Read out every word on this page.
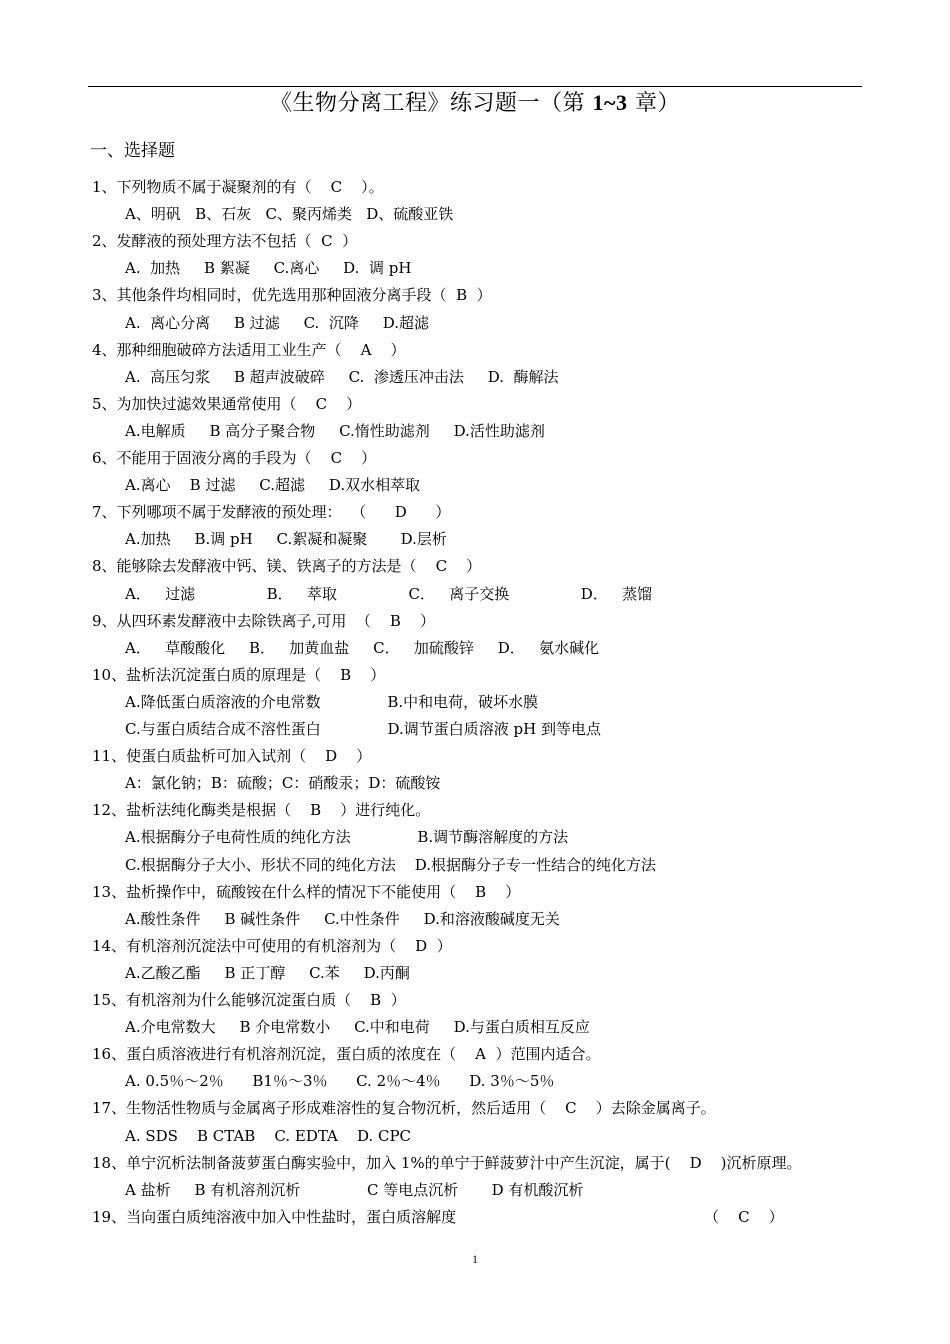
《生物分离工程》练习题一（第 1~3 章）
一、选择题
1、下列物质不属于凝聚剂的有（    C    ）。
A、明矾   B、石灰   C、聚丙烯类   D、硫酸亚铁
2、发酵液的预处理方法不包括（  C  ）
A.  加热     B 絮凝     C.离心     D.  调 pH
3、其他条件均相同时，优先选用那种固液分离手段（  B  ）
A.  离心分离     B 过滤     C.  沉降     D.超滤
4、那种细胞破碎方法适用工业生产（    A    ）
A.  高压匀浆     B 超声波破碎     C.  渗透压冲击法     D.  酶解法
5、为加快过滤效果通常使用（    C    ）
A.电解质     B 高分子聚合物     C.惰性助滤剂     D.活性助滤剂
6、不能用于固液分离的手段为（    C    ）
A.离心    B 过滤     C.超滤     D.双水相萃取
7、下列哪项不属于发酵液的预处理：  （      D      ）
A.加热     B.调 pH     C.絮凝和凝聚       D.层析
8、能够除去发酵液中钙、镁、铁离子的方法是（    C    ）
A．   过滤               B．   萃取               C．   离子交换               D．   蒸馏
9、从四环素发酵液中去除铁离子,可用  （    B    ）
A．   草酸酸化     B．   加黄血盐     C．   加硫酸锌     D．   氨水碱化
10、盐析法沉淀蛋白质的原理是（    B    ）
A.降低蛋白质溶液的介电常数              B.中和电荷，破坏水膜
C.与蛋白质结合成不溶性蛋白              D.调节蛋白质溶液 pH 到等电点
11、使蛋白质盐析可加入试剂（    D    ）
A：氯化钠；B：硫酸；C：硝酸汞；D：硫酸铵
12、盐析法纯化酶类是根据（    B    ）进行纯化。
A.根据酶分子电荷性质的纯化方法              B.调节酶溶解度的方法
C.根据酶分子大小、形状不同的纯化方法    D.根据酶分子专一性结合的纯化方法
13、盐析操作中，硫酸铵在什么样的情况下不能使用（    B    ）
A.酸性条件     B 碱性条件     C.中性条件     D.和溶液酸碱度无关
14、有机溶剂沉淀法中可使用的有机溶剂为（    D  ）
A.乙酸乙酯     B 正丁醇     C.苯     D.丙酮
15、有机溶剂为什么能够沉淀蛋白质（    B  ）
A.介电常数大     B 介电常数小     C.中和电荷     D.与蛋白质相互反应
16、蛋白质溶液进行有机溶剂沉淀，蛋白质的浓度在（    A  ）范围内适合。
A. 0.5％～2％      B1％～3％      C. 2％～4％      D. 3％～5％
17、生物活性物质与金属离子形成难溶性的复合物沉析，然后适用（    C    ）去除金属离子。
A. SDS    B CTAB    C. EDTA    D. CPC
18、单宁沉析法制备菠萝蛋白酶实验中，加入 1%的单宁于鲜菠萝汁中产生沉淀，属于(    D    )沉析原理。
A 盐析     B 有机溶剂沉析              C 等电点沉析       D 有机酸沉析
19、当向蛋白质纯溶液中加入中性盐时，蛋白质溶解度                                                    （    C    ）
1
